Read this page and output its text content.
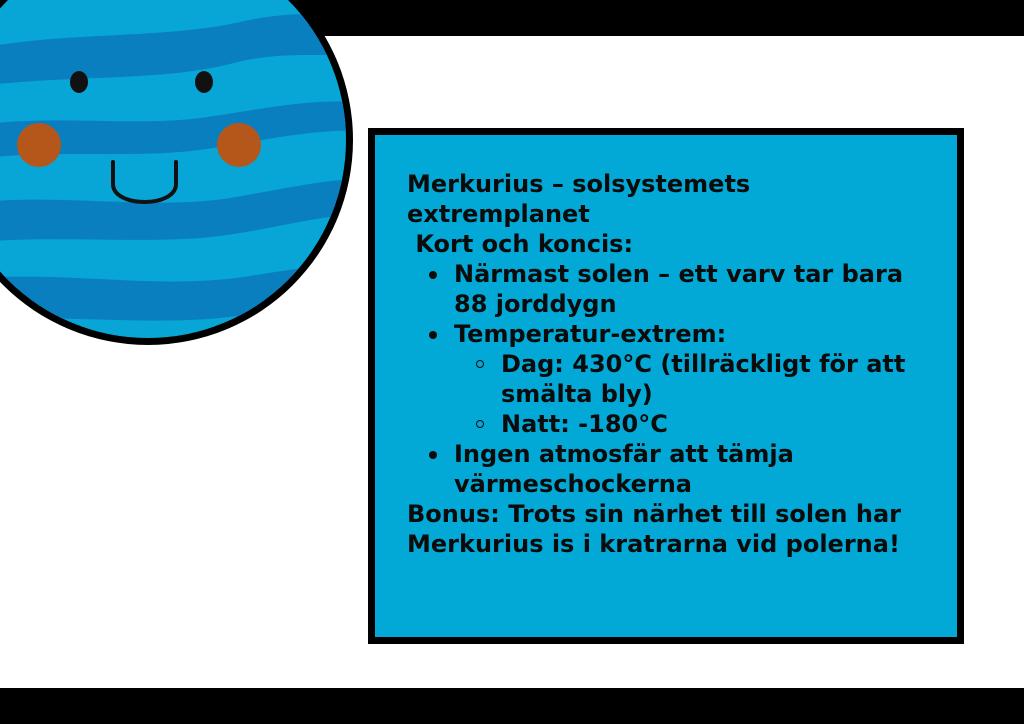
Merkurius – solsystemets

extremplanet

Kort och koncis:

Närmast solen – ett varv tar bara 88 jorddygn
Temperatur-extrem:
Dag: 430°C (tillräckligt för att smälta bly)
Natt: -180°C
Ingen atmosfär att tämja värmeschockerna

Bonus: Trots sin närhet till solen har Merkurius is i kratrarna vid polerna!
